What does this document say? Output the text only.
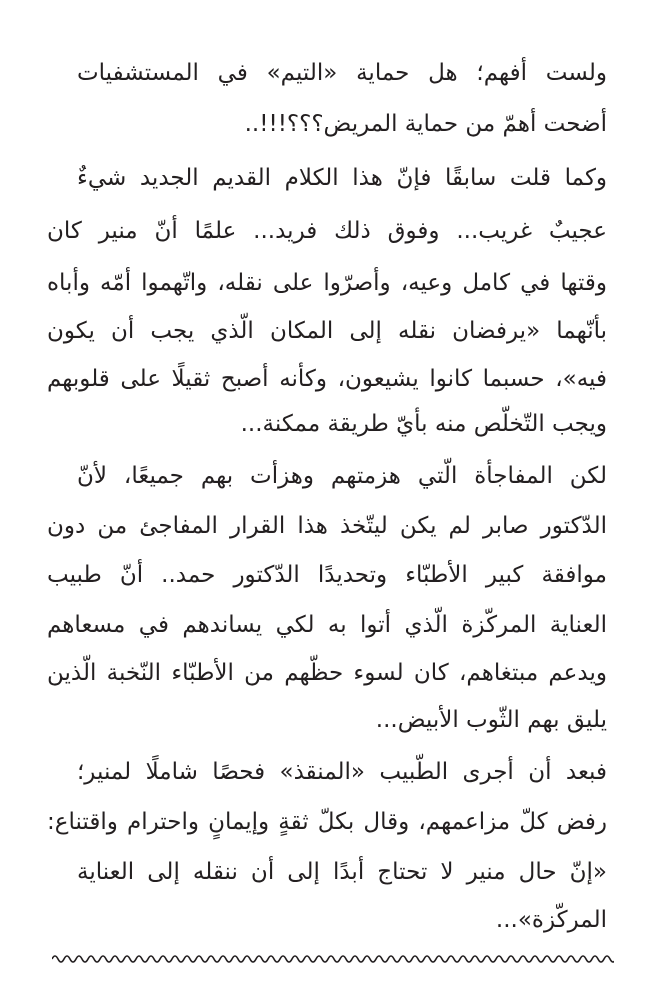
ولست أفهم؛ هل حماية «التيم» في المستشفيات
أضحت أهمّ من حماية المريض؟؟؟!!!..
وكما قلت سابقًا فإنّ هذا الكلام القديم الجديد شيءٌ
عجيبٌ غريب... وفوق ذلك فريد... علمًا أنّ منير كان
وقتها في كامل وعيه، وأصرّوا على نقله، واتّهموا أمّه وأباه
بأنّهما «يرفضان نقله إلى المكان الّذي يجب أن يكون
فيه»، حسبما كانوا يشيعون، وكأنه أصبح ثقيلًا على قلوبهم
ويجب التّخلّص منه بأيّ طريقة ممكنة...
لكن المفاجأة الّتي هزمتهم وهزأت بهم جميعًا، لأنّ
الدّكتور صابر لم يكن ليتّخذ هذا القرار المفاجئ من دون
موافقة كبير الأطبّاء وتحديدًا الدّكتور حمد.. أنّ طبيب
العناية المركّزة الّذي أتوا به لكي يساندهم في مسعاهم
ويدعم مبتغاهم، كان لسوء حظّهم من الأطبّاء النّخبة الّذين
يليق بهم الثّوب الأبيض...
فبعد أن أجرى الطّبيب «المنقذ» فحصًا شاملًا لمنير؛
رفض كلّ مزاعمهم، وقال بكلّ ثقةٍ وإيمانٍ واحترام واقتناع:
«إنّ حال منير لا تحتاج أبدًا إلى أن ننقله إلى العناية
المركّزة»...
